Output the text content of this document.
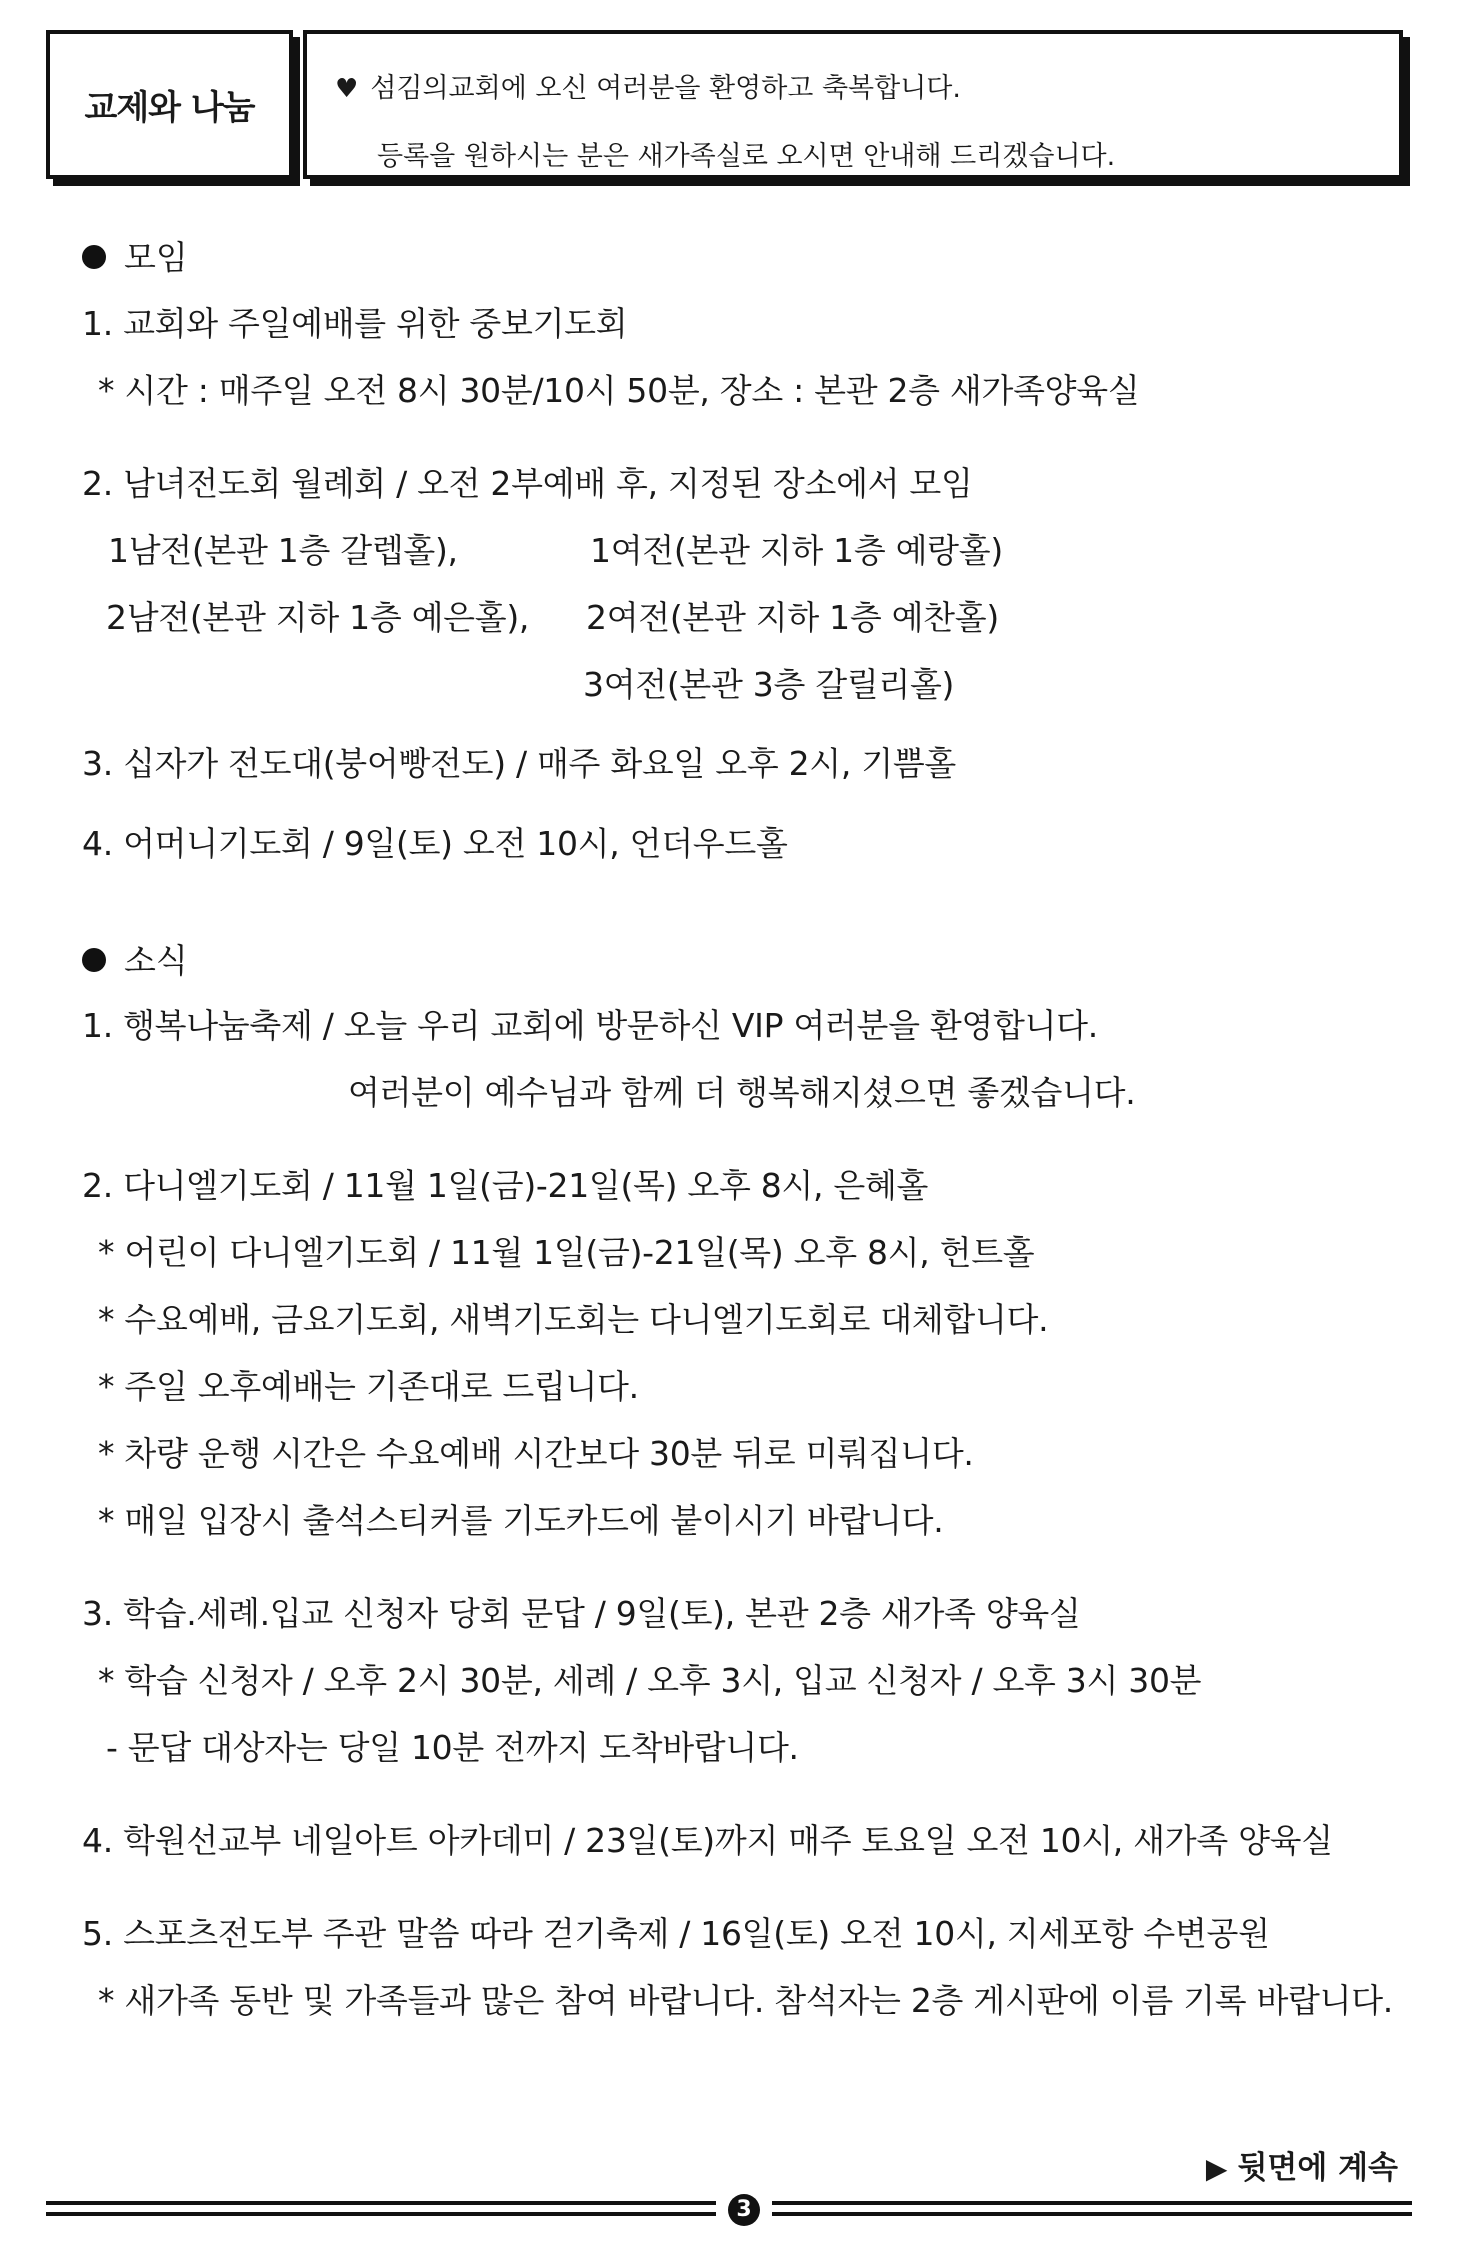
교제와 나눔	♥ 섬김의교회에 오신 여러분을 환영하고 축복합니다.
등록을 원하시는 분은 새가족실로 오시면 안내해 드리겠습니다.
모임
1. 교회와 주일예배를 위한 중보기도회
* 시간 : 매주일 오전 8시 30분/10시 50분, 장소 : 본관 2층 새가족양육실
2. 남녀전도회 월례회 / 오전 2부예배 후, 지정된 장소에서 모임
1남전(본관 1층 갈렙홀),	1여전(본관 지하 1층 예랑홀)
2남전(본관 지하 1층 예은홀), 2여전(본관 지하 1층 예찬홀)
3여전(본관 3층 갈릴리홀)
3. 십자가 전도대(붕어빵전도) / 매주 화요일 오후 2시, 기쁨홀
4. 어머니기도회 / 9일(토) 오전 10시, 언더우드홀
소식
1. 행복나눔축제 / 오늘 우리 교회에 방문하신 VIP 여러분을 환영합니다.
여러분이 예수님과 함께 더 행복해지셨으면 좋겠습니다.
2. 다니엘기도회 / 11월 1일(금)-21일(목) 오후 8시, 은혜홀
* 어린이 다니엘기도회 / 11월 1일(금)-21일(목) 오후 8시, 헌트홀
* 수요예배, 금요기도회, 새벽기도회는 다니엘기도회로 대체합니다.
* 주일 오후예배는 기존대로 드립니다.
* 차량 운행 시간은 수요예배 시간보다 30분 뒤로 미뤄집니다.
* 매일 입장시 출석스티커를 기도카드에 붙이시기 바랍니다.
3. 학습.세례.입교 신청자 당회 문답 / 9일(토), 본관 2층 새가족 양육실
* 학습 신청자 / 오후 2시 30분, 세례 / 오후 3시, 입교 신청자 / 오후 3시 30분
- 문답 대상자는 당일 10분 전까지 도착바랍니다.
4. 학원선교부 네일아트 아카데미 / 23일(토)까지 매주 토요일 오전 10시, 새가족 양육실
5. 스포츠전도부 주관 말씀 따라 걷기축제 / 16일(토) 오전 10시, 지세포항 수변공원
* 새가족 동반 및 가족들과 많은 참여 바랍니다. 참석자는 2층 게시판에 이름 기록 바랍니다.
▶ 뒷면에 계속
3
